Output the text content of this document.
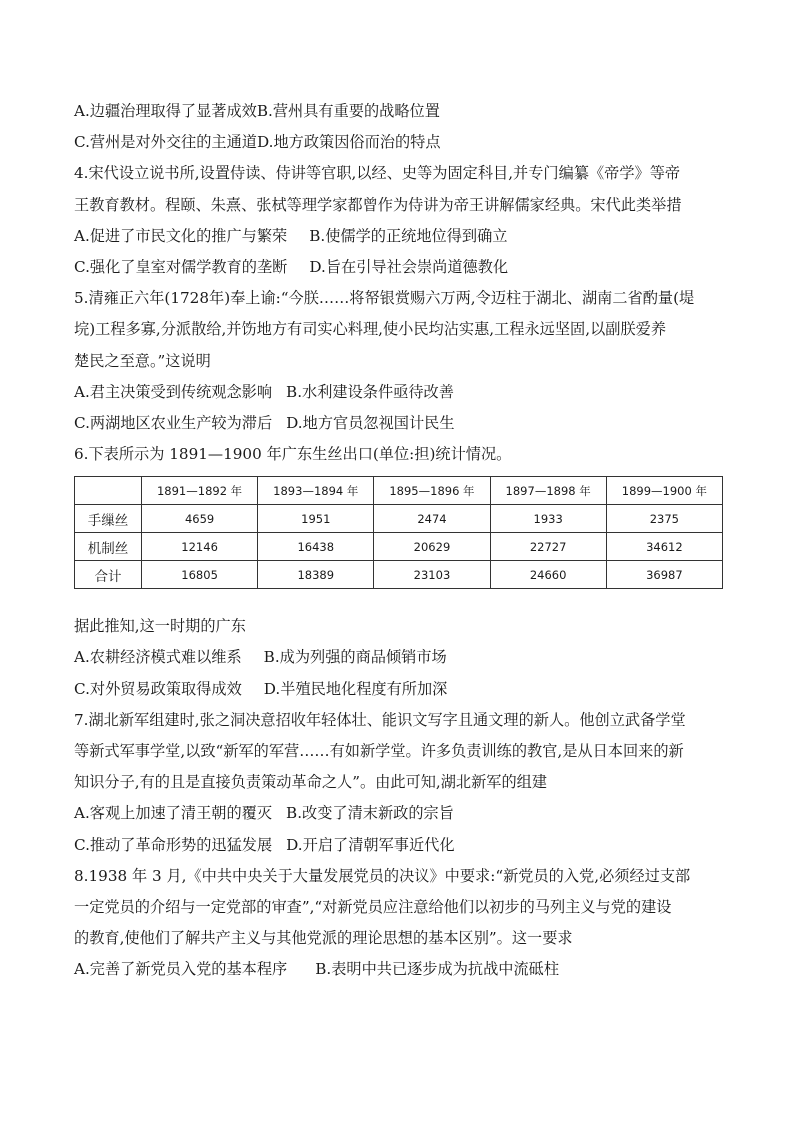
A.边疆治理取得了显著成效B.营州具有重要的战略位置
C.营州是对外交往的主通道D.地方政策因俗而治的特点
4.宋代设立说书所,设置侍读、侍讲等官职,以经、史等为固定科目,并专门编纂《帝学》等帝
王教育教材。程颐、朱熹、张栻等理学家都曾作为侍讲为帝王讲解儒家经典。宋代此类举措
A.促进了市民文化的推广与繁荣 B.使儒学的正统地位得到确立
C.强化了皇室对儒学教育的垄断 D.旨在引导社会崇尚道德教化
5.清雍正六年(1728年)奉上谕:“今朕……将帑银赏赐六万两,令迈柱于湖北、湖南二省酌量(堤
垸)工程多寡,分派散给,并饬地方有司实心料理,使小民均沾实惠,工程永远坚固,以副朕爱养
楚民之至意。”这说明
A.君主决策受到传统观念影响 B.水利建设条件亟待改善
C.两湖地区农业生产较为滞后 D.地方官员忽视国计民生
6.下表所示为 1891—1900 年广东生丝出口(单位:担)统计情况。
	1891—1892 年	1893—1894 年	1895—1896 年	1897—1898 年	1899—1900 年
手缫丝	4659	1951	2474	1933	2375
机制丝	12146	16438	20629	22727	34612
合计	16805	18389	23103	24660	36987
据此推知,这一时期的广东
A.农耕经济模式难以维系 B.成为列强的商品倾销市场
C.对外贸易政策取得成效 D.半殖民地化程度有所加深
7.湖北新军组建时,张之洞决意招收年轻体壮、能识文写字且通文理的新人。他创立武备学堂
等新式军事学堂,以致“新军的军营……有如新学堂。许多负责训练的教官,是从日本回来的新
知识分子,有的且是直接负责策动革命之人”。由此可知,湖北新军的组建
A.客观上加速了清王朝的覆灭 B.改变了清末新政的宗旨
C.推动了革命形势的迅猛发展 D.开启了清朝军事近代化
8.1938 年 3 月,《中共中央关于大量发展党员的决议》中要求:“新党员的入党,必须经过支部
一定党员的介绍与一定党部的审查”,“对新党员应注意给他们以初步的马列主义与党的建设
的教育,使他们了解共产主义与其他党派的理论思想的基本区别”。这一要求
A.完善了新党员入党的基本程序 B.表明中共已逐步成为抗战中流砥柱
